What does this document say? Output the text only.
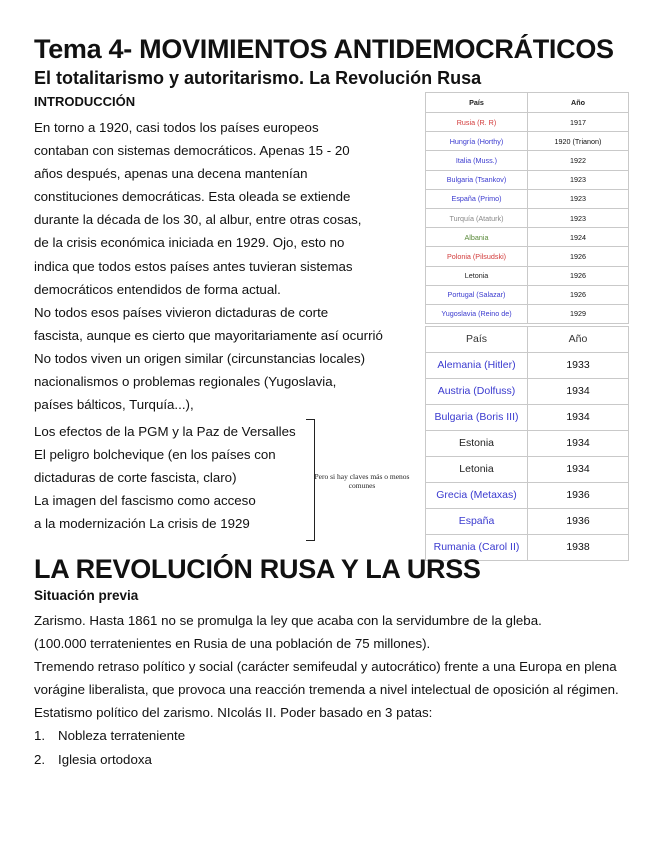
Tema 4- MOVIMIENTOS ANTIDEMOCRÁTICOS
El totalitarismo y autoritarismo. La Revolución Rusa
INTRODUCCIÓN
En torno a 1920, casi todos los países europeos
contaban con sistemas democráticos. Apenas 15 - 20
años después, apenas una decena mantenían
constituciones democráticas. Esta oleada se extiende
durante la década de los 30, al albur, entre otras cosas,
de la crisis económica iniciada en 1929. Ojo, esto no
indica que todos estos países antes tuvieran sistemas
democráticos entendidos de forma actual.
No todos esos países vivieron dictaduras de corte
fascista, aunque es cierto que mayoritariamente así ocurrió
No todos viven un origen similar (circunstancias locales)
nacionalismos o problemas regionales (Yugoslavia,
países bálticos, Turquía...),
Los efectos de la PGM y la Paz de Versalles
El peligro bolchevique (en los países con
dictaduras de corte fascista, claro)
La imagen del fascismo como acceso
a la modernización La crisis de 1929
Pero si hay claves más o menos comunes
País	Año
Rusia (R. R)	1917
Hungría (Horthy)	1920 (Trianon)
Italia (Muss.)	1922
Bulgaria (Tsankov)	1923
España (Primo)	1923
Turquía (Ataturk)	1923
Albania	1924
Polonia (Pilsudski)	1926
Letonia	1926
Portugal (Salazar)	1926
Yugoslavia (Reino de)	1929
País	Año
Alemania (Hitler)	1933
Austria (Dolfuss)	1934
Bulgaria (Boris III)	1934
Estonia	1934
Letonia	1934
Grecia (Metaxas)	1936
España	1936
Rumania (Carol II)	1938
LA REVOLUCIÓN RUSA Y LA URSS
Situación previa

Zarismo. Hasta 1861 no se promulga la ley que acaba con la servidumbre de la gleba.

(100.000 terratenientes en Rusia de una población de 75 millones).

Tremendo retraso político y social (carácter semifeudal y autocrático) frente a una Europa en plena vorágine liberalista, que provoca una reacción tremenda a nivel intelectual de oposición al régimen.

Estatismo político del zarismo. NIcolás II. Poder basado en 3 patas:

1. Nobleza terrateniente
2. Iglesia ortodoxa
